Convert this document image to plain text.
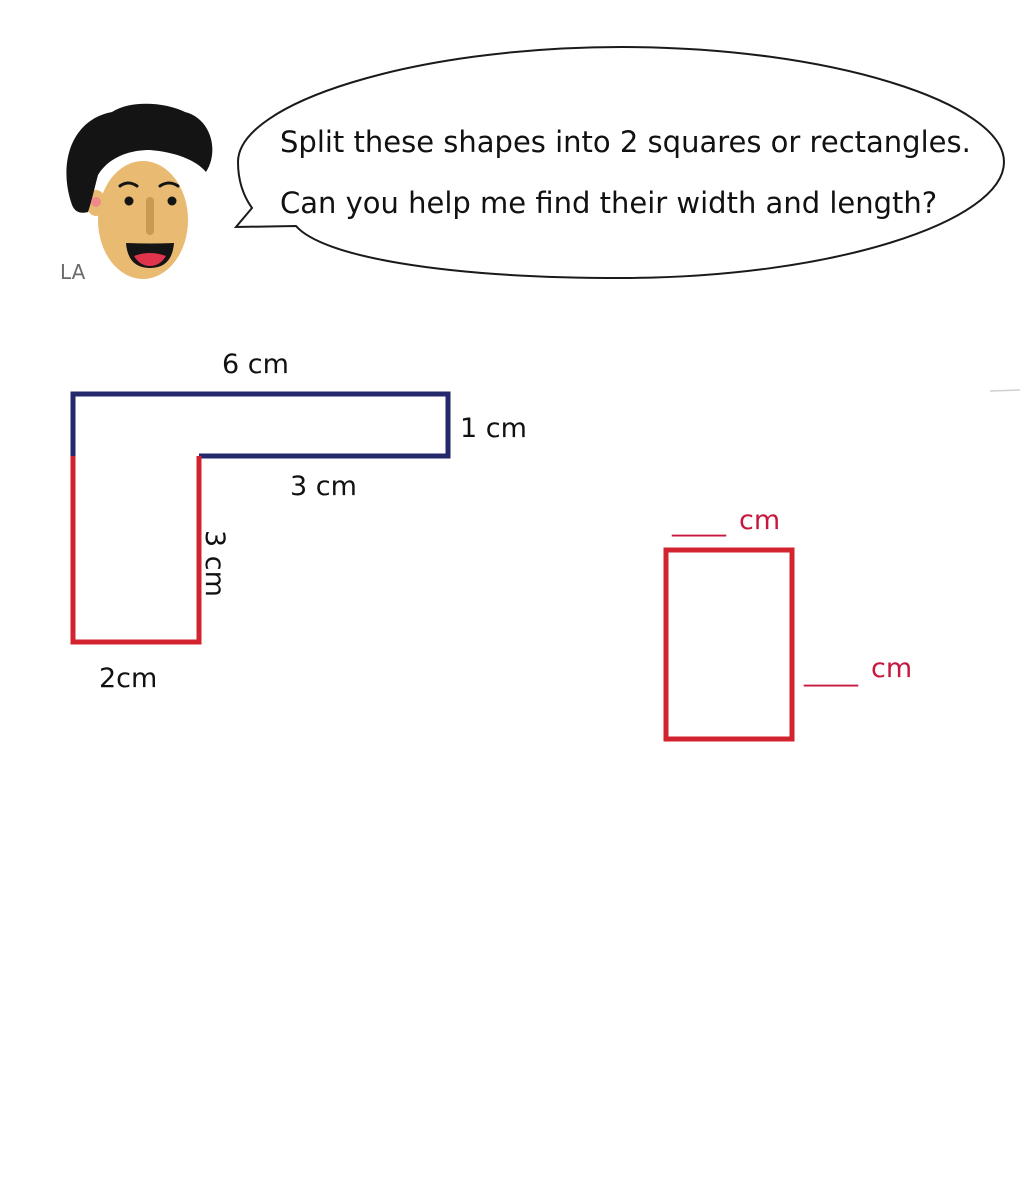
LA
Split these shapes into 2 squares or rectangles.
Can you help me find their width and length?
6 cm
1 cm
3 cm
3 cm
2cm
____ cm
____ cm
